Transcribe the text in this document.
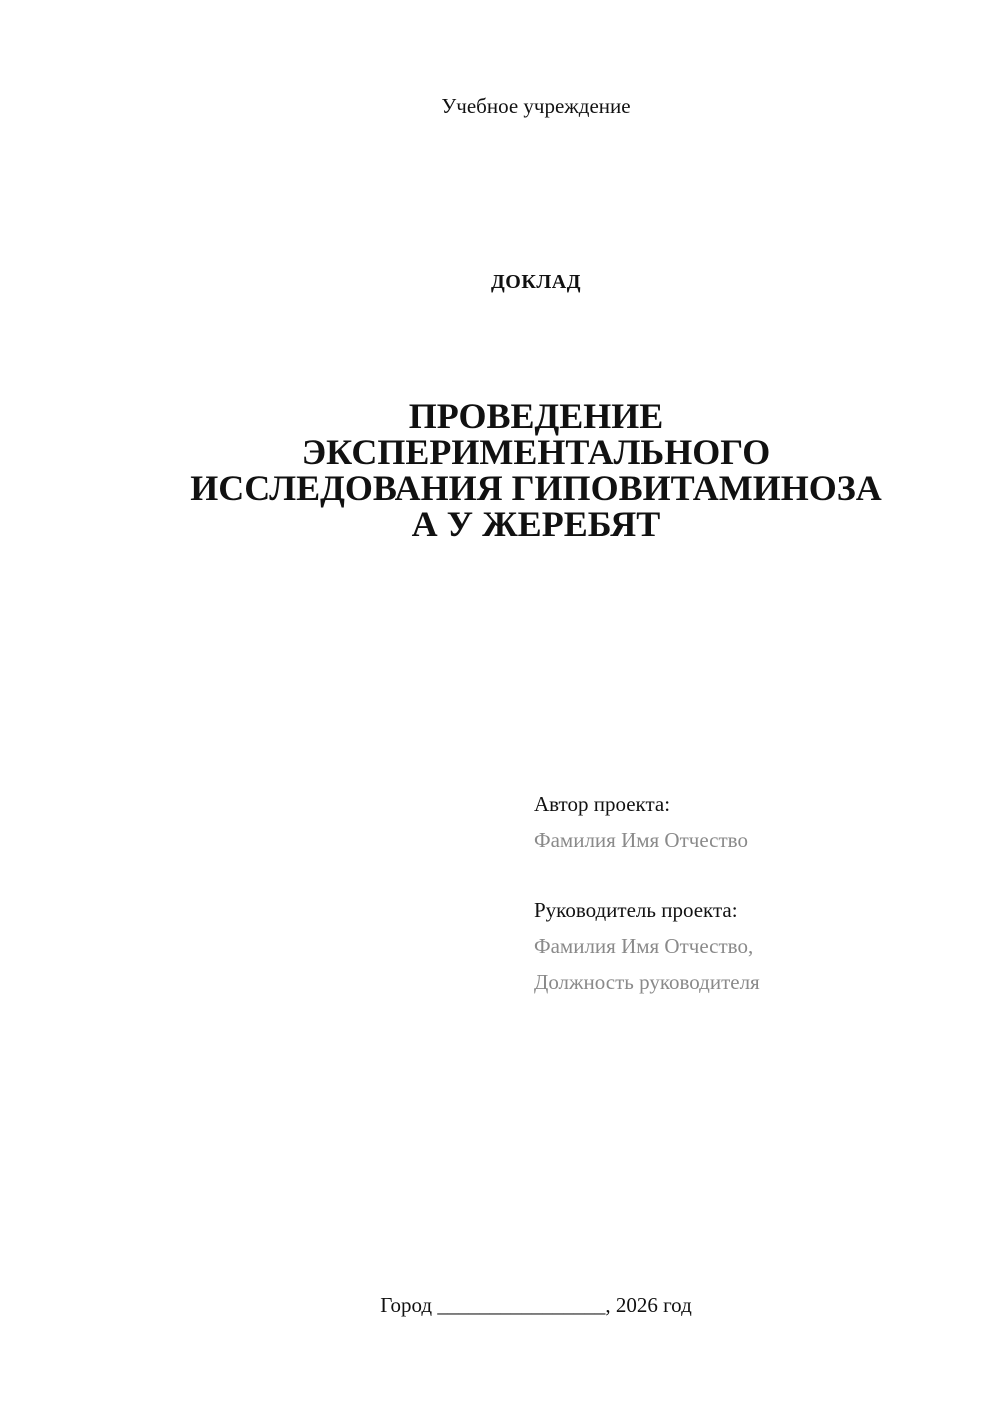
Учебное учреждение
ДОКЛАД
ПРОВЕДЕНИЕ
ЭКСПЕРИМЕНТАЛЬНОГО
ИССЛЕДОВАНИЯ ГИПОВИТАМИНОЗА
А У ЖЕРЕБЯТ
Автор проекта:
Фамилия Имя Отчество
Руководитель проекта:
Фамилия Имя Отчество,
Должность руководителя
Город ________________, 2026 год
